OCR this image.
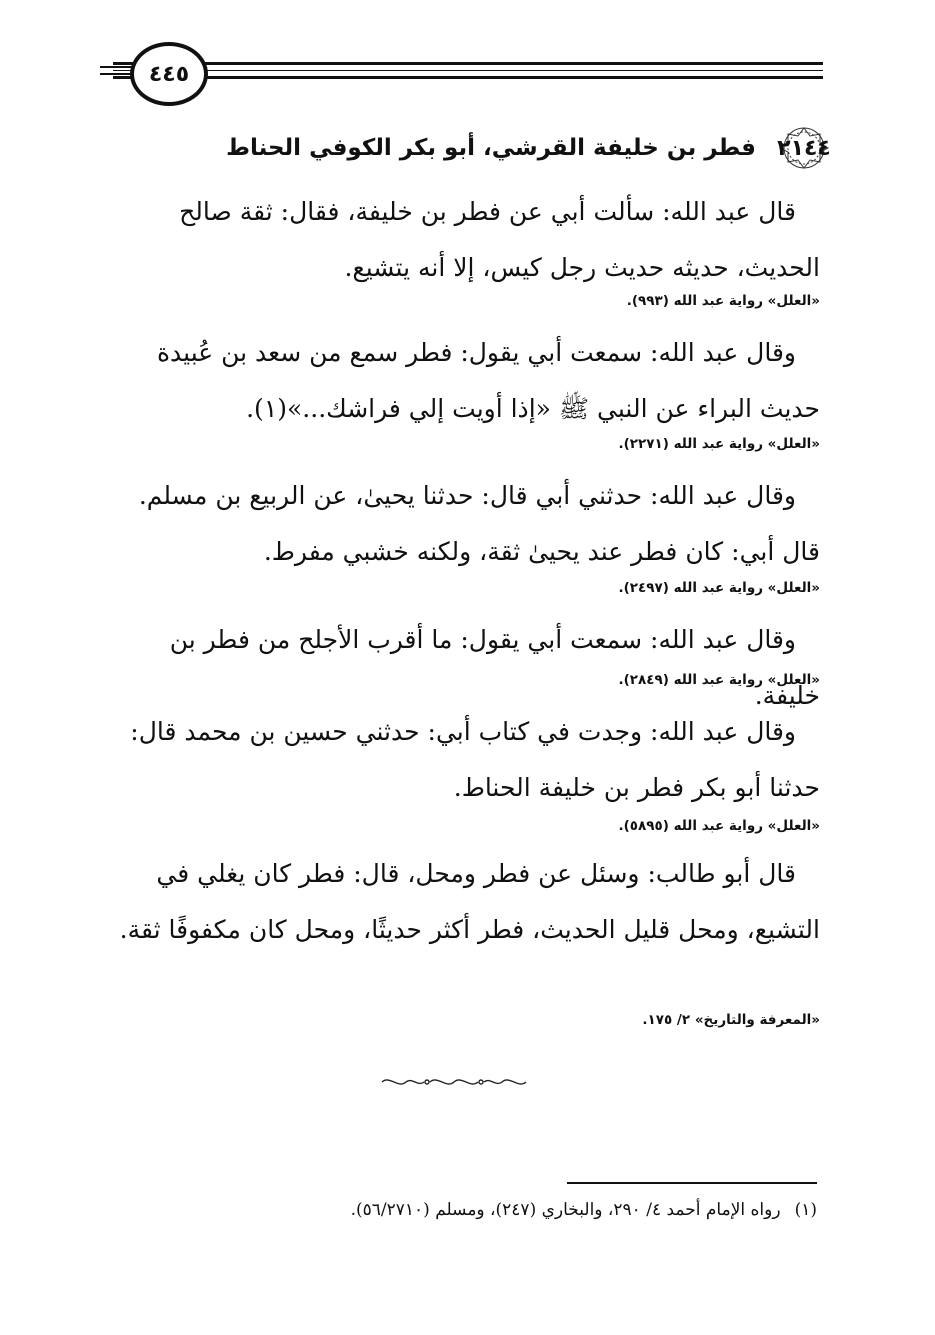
٤٤٥
٢١٤٤
فطر بن خليفة القرشي، أبو بكر الكوفي الحناط
قال عبد الله: سألت أبي عن فطر بن خليفة، فقال: ثقة صالح الحديث، حديثه حديث رجل كيس، إلا أنه يتشيع.
«العلل» رواية عبد الله (٩٩٣).
وقال عبد الله: سمعت أبي يقول: فطر سمع من سعد بن عُبيدة حديث البراء عن النبي ﷺ «إذا أويت إلي فراشك...»(١).
«العلل» رواية عبد الله (٢٢٧١).
وقال عبد الله: حدثني أبي قال: حدثنا يحيىٰ، عن الربيع بن مسلم. قال أبي: كان فطر عند يحيىٰ ثقة، ولكنه خشبي مفرط.
«العلل» رواية عبد الله (٢٤٩٧).
وقال عبد الله: سمعت أبي يقول: ما أقرب الأجلح من فطر بن خليفة.
«العلل» رواية عبد الله (٢٨٤٩).
وقال عبد الله: وجدت في كتاب أبي: حدثني حسين بن محمد قال: حدثنا أبو بكر فطر بن خليفة الحناط.
«العلل» رواية عبد الله (٥٨٩٥).
قال أبو طالب: وسئل عن فطر ومحل، قال: فطر كان يغلي في التشيع، ومحل قليل الحديث، فطر أكثر حديثًا، ومحل كان مكفوفًا ثقة.
«المعرفة والتاريخ» ٢/ ١٧٥.
(١)رواه الإمام أحمد ٤/ ٢٩٠، والبخاري (٢٤٧)، ومسلم (٥٦/٢٧١٠).
